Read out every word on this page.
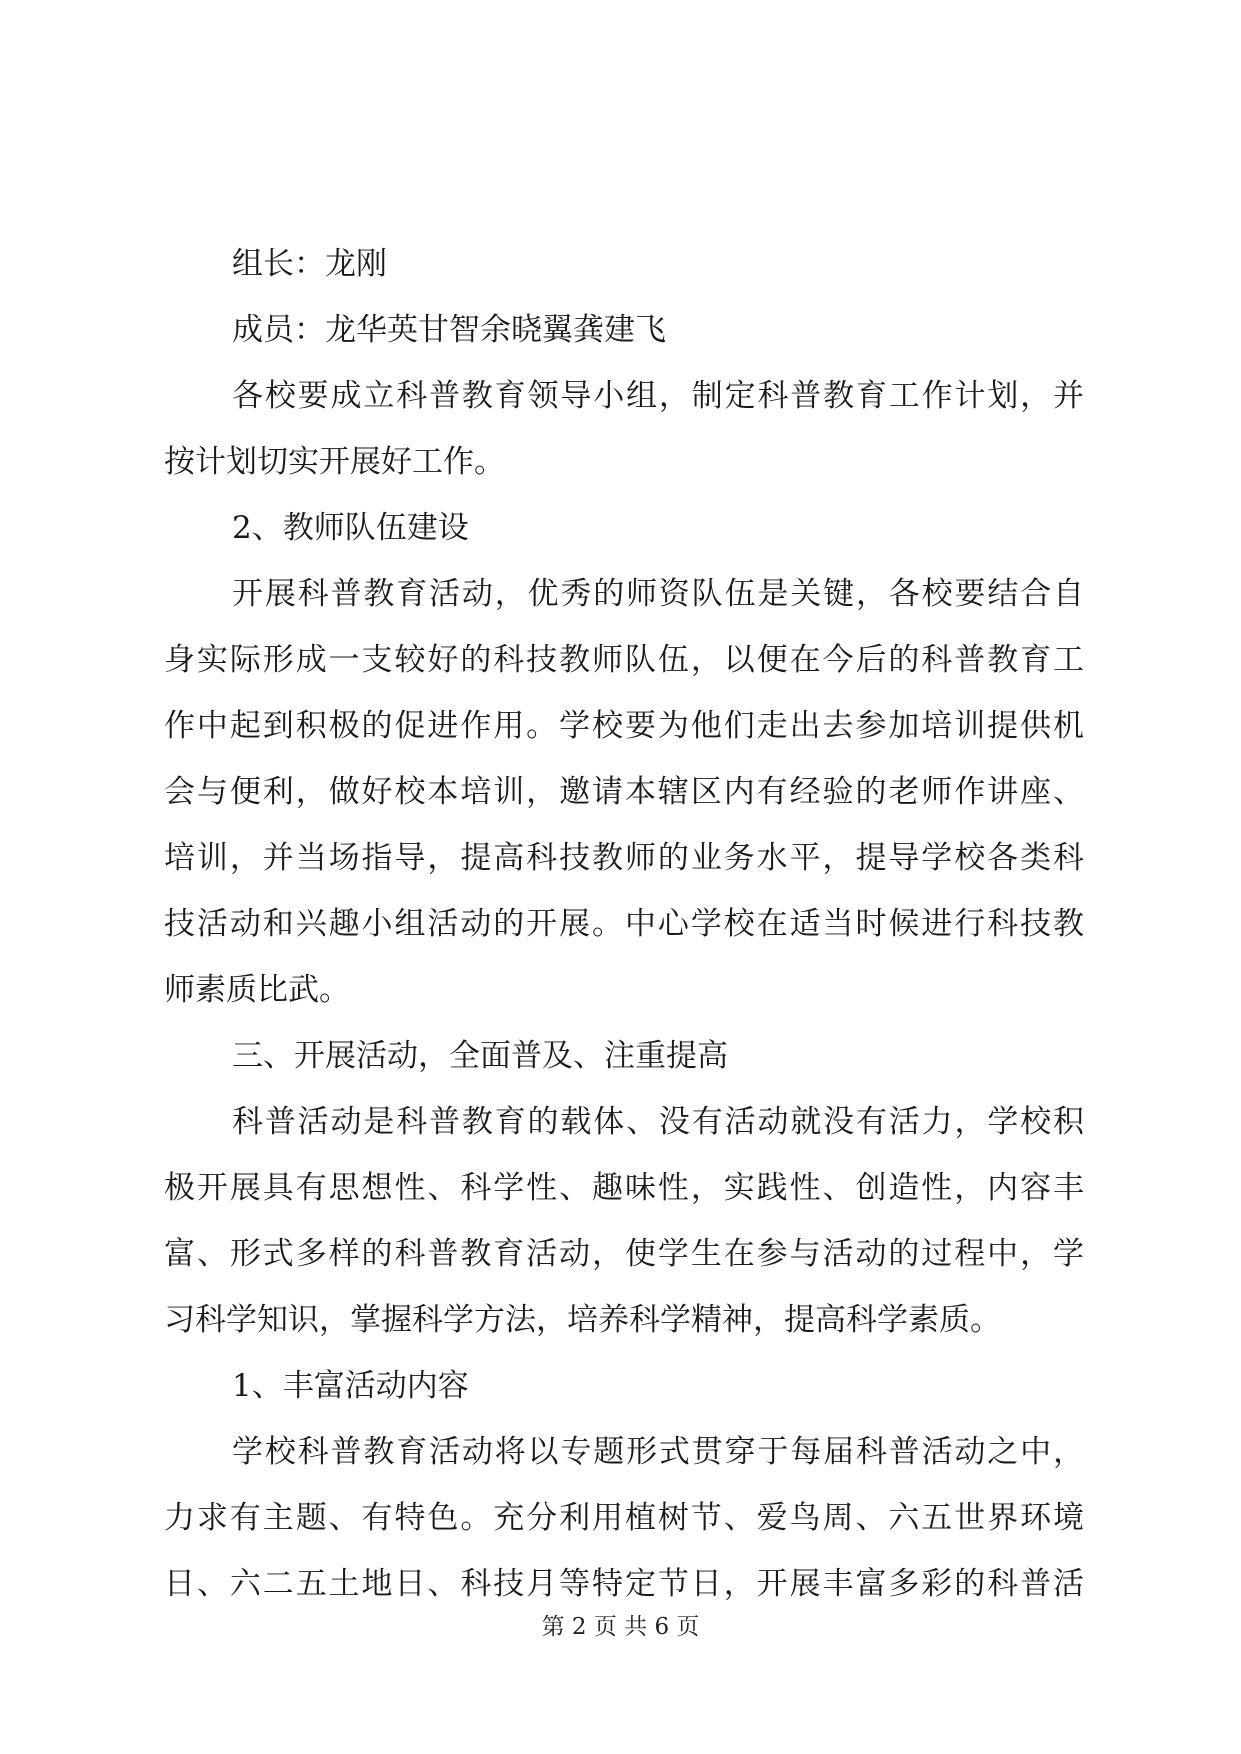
组长：龙刚
成员：龙华英甘智余晓翼龚建飞
各校要成立科普教育领导小组，制定科普教育工作计划，并
按计划切实开展好工作。
2、教师队伍建设
开展科普教育活动，优秀的师资队伍是关键，各校要结合自
身实际形成一支较好的科技教师队伍，以便在今后的科普教育工
作中起到积极的促进作用。学校要为他们走出去参加培训提供机
会与便利，做好校本培训，邀请本辖区内有经验的老师作讲座、
培训，并当场指导，提高科技教师的业务水平，提导学校各类科
技活动和兴趣小组活动的开展。中心学校在适当时候进行科技教
师素质比武。
三、开展活动，全面普及、注重提高
科普活动是科普教育的载体、没有活动就没有活力，学校积
极开展具有思想性、科学性、趣味性，实践性、创造性，内容丰
富、形式多样的科普教育活动，使学生在参与活动的过程中，学
习科学知识，掌握科学方法，培养科学精神，提高科学素质。
1、丰富活动内容
学校科普教育活动将以专题形式贯穿于每届科普活动之中，
力求有主题、有特色。充分利用植树节、爱鸟周、六五世界环境
日、六二五土地日、科技月等特定节日，开展丰富多彩的科普活
第 2 页 共 6 页
